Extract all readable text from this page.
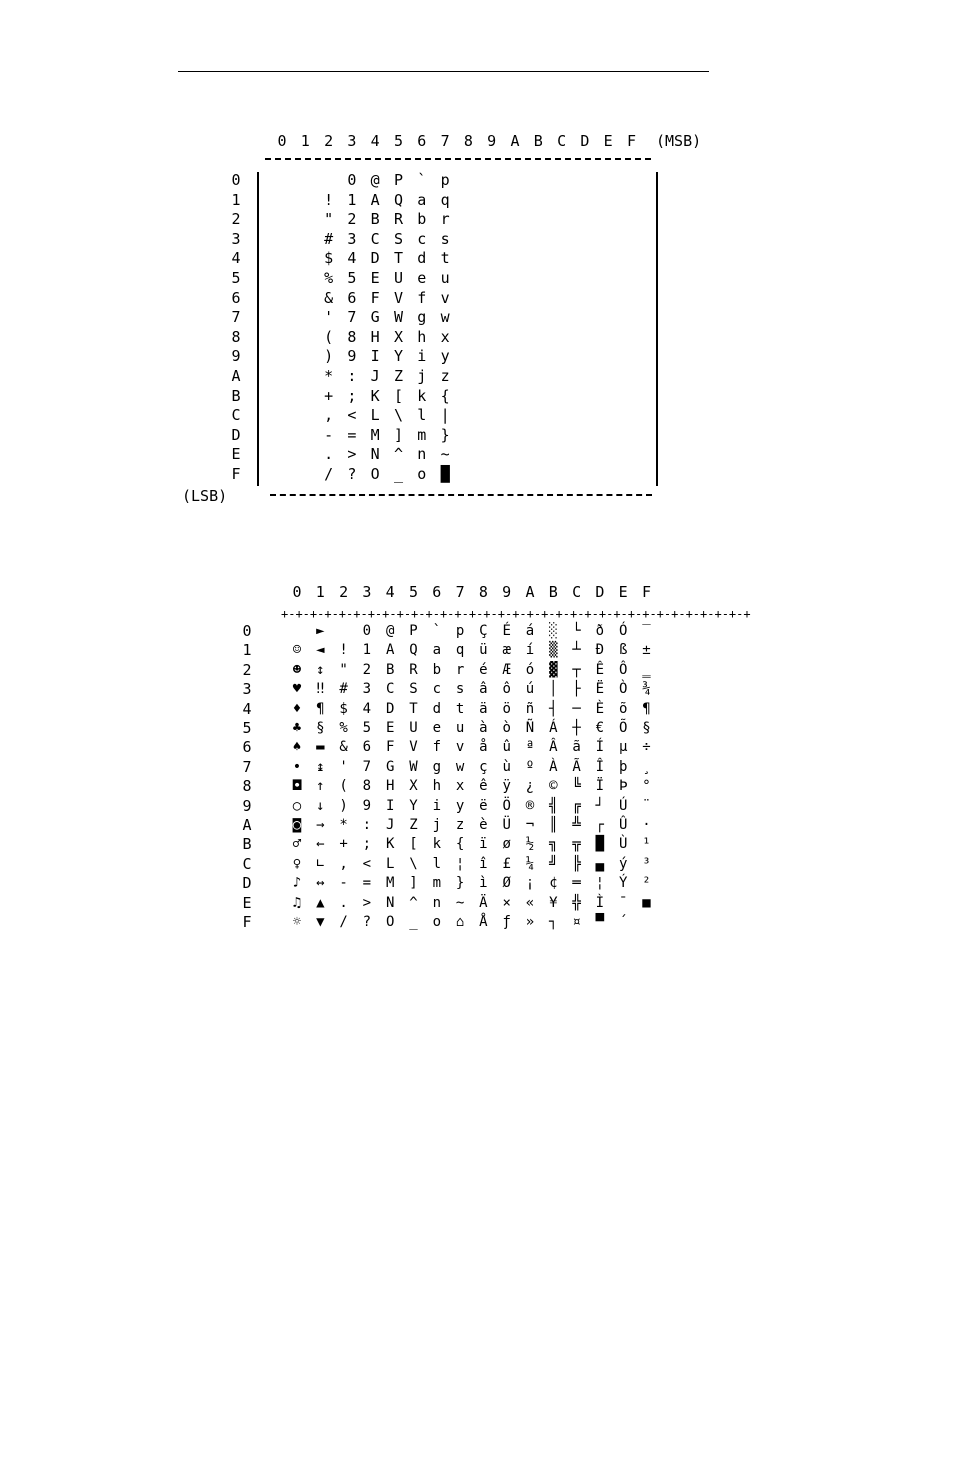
0 1 2 3 4 5 6 7 8 9 A B C D E F	(MSB)
(LSB)
0
1
2
3
4
5
6
7
8
9
A
B
C
D
E
F

!
"
#
$
%
&
'
(
)
*
+
,
-
.
/
0
1
2
3
4
5
6
7
8
9
:
;
<
=
>
?
@
A
B
C
D
E
F
G
H
I
J
K
L
M
N
O
P
Q
R
S
T
U
V
W
X
Y
Z
[
\
]
^
_
`
a
b
c
d
e
f
g
h
i
j
k
l
m
n
o
p
q
r
s
t
u
v
w
x
y
z
{
|
}
~
█
0 1 2 3 4 5 6 7 8 9 A B C D E F
+-+-+-+-+-+-+-+-+-+-+-+-+-+-+-+-+-+-+-+-+-+-+-+-+-+-+-+-+-+-+-+-+
0
1
2
3
4
5
6
7
8
9
A
B
C
D
E
F
☺
☻
♥
♦
♣
♠
•
◘
○
◙
♂
♀
♪
♫
☼
►
◄
↕
‼
¶
§
▬
↨
↑
↓
→
←
∟
↔
▲
▼

!
"
#
$
%
&
'
(
)
*
+
,
-
.
/
0
1
2
3
4
5
6
7
8
9
:
;
<
=
>
?
@
A
B
C
D
E
F
G
H
I
J
K
L
M
N
O
P
Q
R
S
T
U
V
W
X
Y
Z
[
\
]
^
_
`
a
b
c
d
e
f
g
h
i
j
k
l
m
n
o
p
q
r
s
t
u
v
w
x
y
z
{
¦
}
~
⌂
Ç
ü
é
â
ä
à
å
ç
ê
ë
è
ï
î
ì
Ä
Å
É
æ
Æ
ô
ö
ò
û
ù
ÿ
Ö
Ü
ø
£
Ø
×
ƒ
á
í
ó
ú
ñ
Ñ
ª
º
¿
®
¬
½
¼
¡
«
»
░
▒
▓
│
┤
Á
Â
À
©
╣
║
╗
╝
¢
¥
┐
└
┴
┬
├
─
┼
ã
Ã
╚
╔
╩
╦
╠
═
╬
¤
ð
Ð
Ê
Ë
È
€
Í
Î
Ï
┘
┌
█
▄
¦
Ì
▀
Ó
ß
Ô
Ò
õ
Õ
µ
þ
Þ
Ú
Û
Ù
ý
Ý
¯
´
‾
±
‗
¾
¶
§
÷
¸
°
¨
·
¹
³
²
■
